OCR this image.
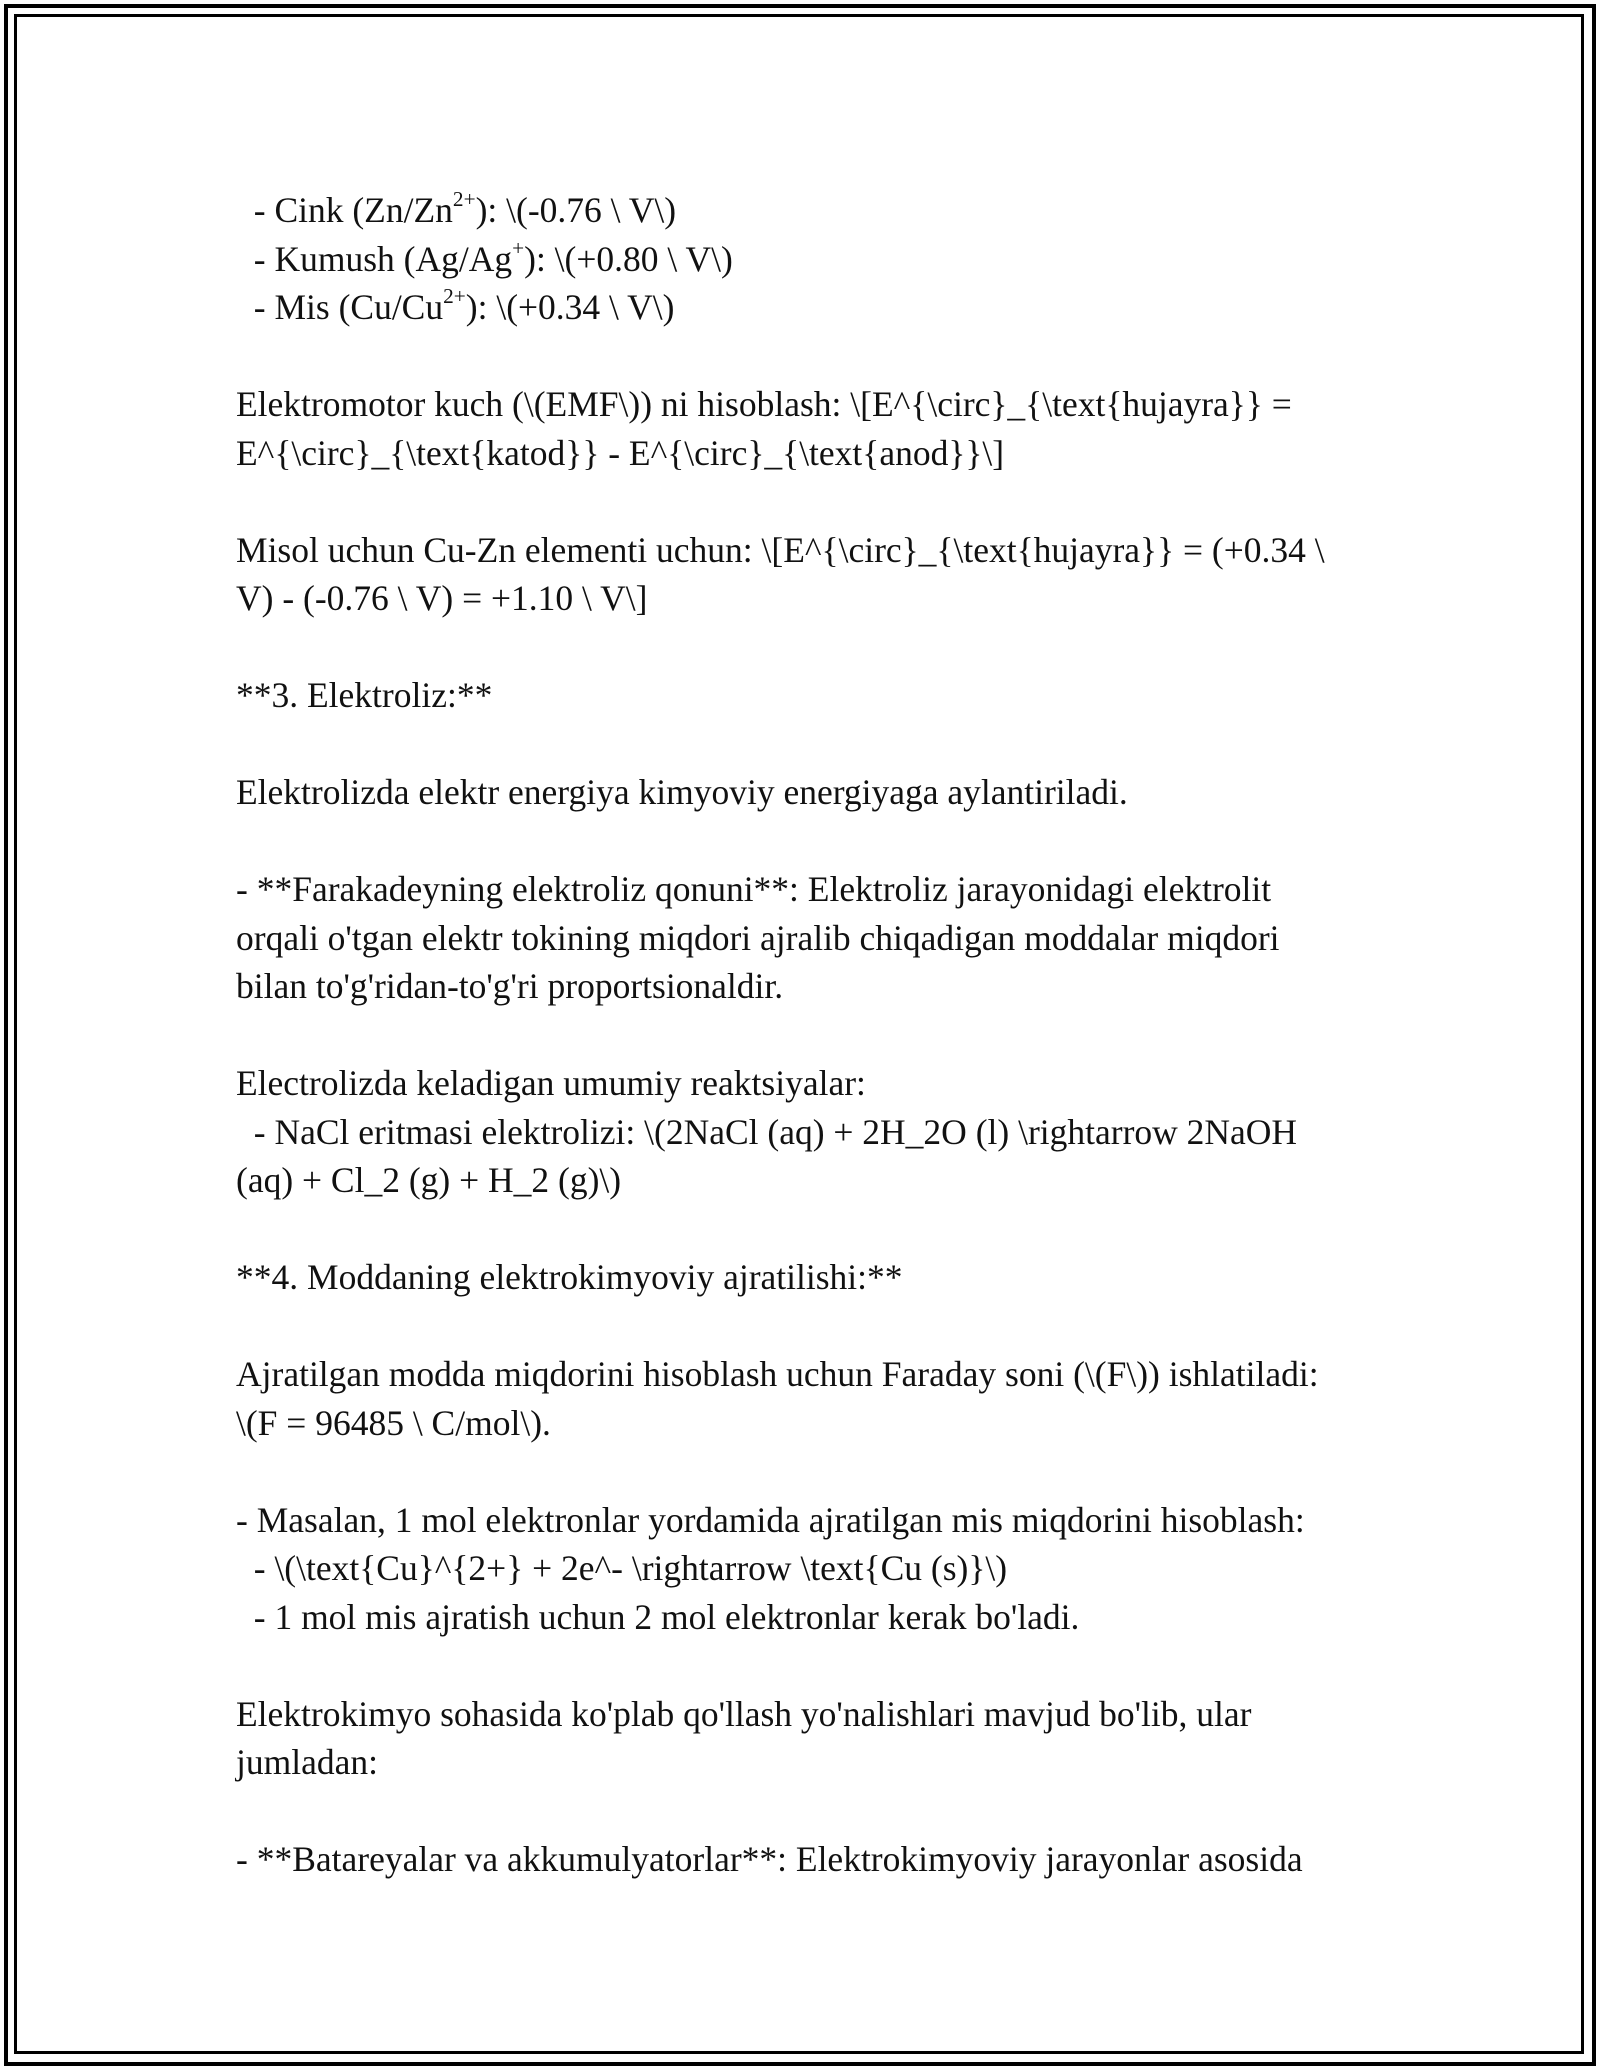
- Cink $(Zn/Zn^{2+})$: \(-0.76 \ V\)
- Kumush (Ag/Ag+): \(+0.80 \ V\)
- Mis $(Cu/Cu^{2+})$: \(+0.34 \ V\)
Elektromotor kuch (\(EMF\)) ni hisoblash: \[E^{\circ}_{\text{hujayra}} =
E^{\circ}_{\text{katod}} - E^{\circ}_{\text{anod}}\]
Misol uchun Cu-Zn elementi uchun: \[E^{\circ}_{\text{hujayra}} = (+0.34 \
V) - (-0.76 \ V) = +1.10 \ V\]
**3. Elektroliz:**
Elektrolizda elektr energiya kimyoviy energiyaga aylantiriladi.
- **Farakadeyning elektroliz qonuni**: Elektroliz jarayonidagi elektrolit
orqali o'tgan elektr tokining miqdori ajralib chiqadigan moddalar miqdori
bilan to'g'ridan-to'g'ri proportsionaldir.
Electrolizda keladigan umumiy reaktsiyalar:
- NaCl eritmasi elektrolizi: \(2NaCl (aq) + 2H_2O (l) \rightarrow 2NaOH
(aq) + Cl_2 (g) + H_2 (g)\)
**4. Moddaning elektrokimyoviy ajratilishi:**
Ajratilgan modda miqdorini hisoblash uchun Faraday soni (\(F\)) ishlatiladi:
\(F = 96485 \ C/mol\).
- Masalan, 1 mol elektronlar yordamida ajratilgan mis miqdorini hisoblash:
- \(\text{Cu}^{2+} + 2e^- \rightarrow \text{Cu (s)}\)
- 1 mol mis ajratish uchun 2 mol elektronlar kerak bo'ladi.
Elektrokimyo sohasida ko'plab qo'llash yo'nalishlari mavjud bo'lib, ular
jumladan:
- **Batareyalar va akkumulyatorlar**: Elektrokimyoviy jarayonlar asosida
